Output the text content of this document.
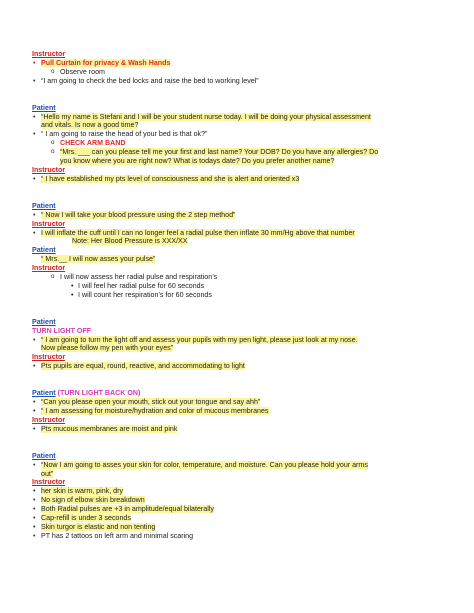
Instructor
• Pull Curtain for privacy & Wash Hands
o Observe room
• “I am going to check the bed locks and raise the bed to working level”
Patient
• “Hello my name is Stefani and I will be your student nurse today. I will be doing your physical assessment
and vitals. Is now a good time?
• “ I am going to raise the head of your bed is that ok?”
o CHECK ARM BAND
o “Mrs. ___ can you please tell me your first and last name? Your DOB? Do you have any allergies? Do
you know where you are right now? What is todays date? Do you prefer another name?
Instructor
• “ I have established my pts level of consciousness and she is alert and oriented x3
Patient
• “ Now I will take your blood pressure using the 2 step method”
Instructor
• I will inflate the cuff until I can no longer feel a radial pulse then inflate 30 mm/Hg above that number
Note: Her Blood Pressure is XXX/XX
Patient
“ Mrs.__ I will now asses your pulse”
Instructor
o I will now assess her radial pulse and respiration’s
• I will feel her radial pulse for 60 seconds
• I will count her respiration’s for 60 seconds
Patient
TURN LIGHT OFF
• “ I am going to turn the light off and assess your pupils with my pen light, please just look at my nose.
Now please follow my pen with your eyes”
Instructor
• Pts pupils are equal, round, reactive, and accommodating to light
Patient (TURN LIGHT BACK ON)
• “Can you please open your mouth, stick out your tongue and say ahh”
• “ I am assessing for moisture/hydration and color of mucous membranes
Instructor
• Pts mucous membranes are moist and pink
Patient
• “Now I am going to asses your skin for color, temperature, and moisture. Can you please hold your arms
out”
Instructor
• her skin is warm, pink, dry
• No sign of elbow skin breakdown
• Both Radial pulses are +3 in amplitude/equal bilaterally
• Cap-refill is under 3 seconds
• Skin turgor is elastic and non tenting
• PT has 2 tattoos on left arm and minimal scaring
